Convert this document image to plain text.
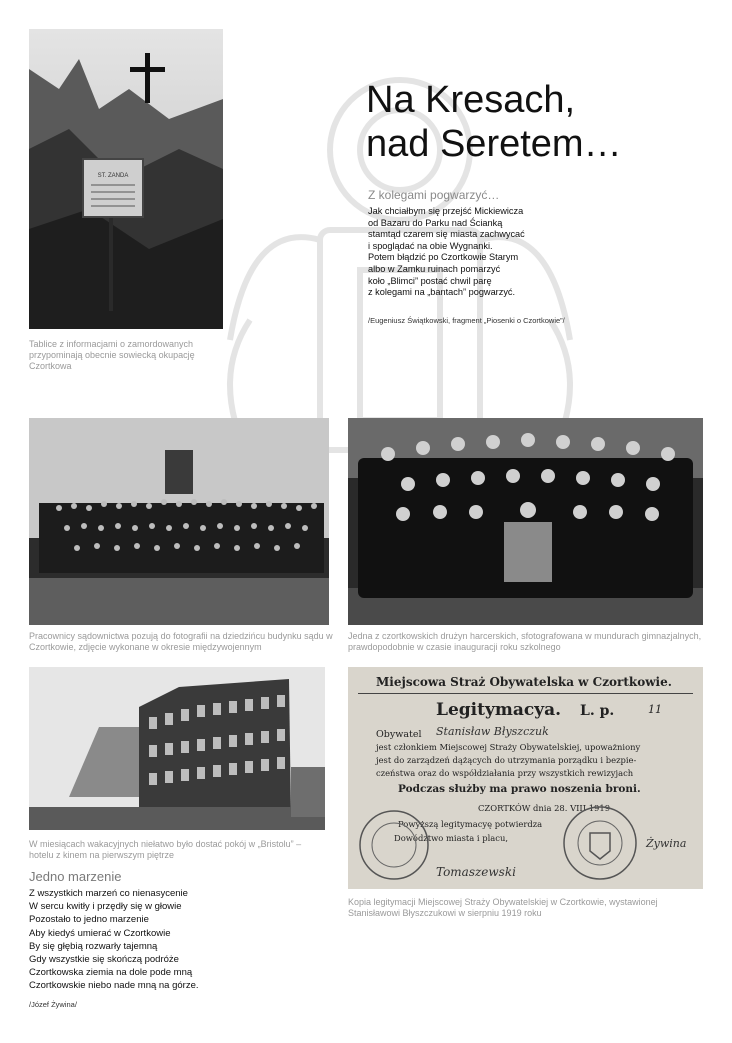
ST. ZANDA
Tablice z informacjami o zamordowanych przypominają obecnie sowiecką okupację Czortkowa
Na Kresach,
nad Seretem…
Z kolegami pogwarzyć…
Jak chciałbym się przejść Mickiewicza
od Bazaru do Parku nad Ścianką
stamtąd czarem się miasta zachwycać
i spoglądać na obie Wygnanki.
Potem błądzić po Czortkowie Starym
albo w Zamku ruinach pomarzyć
koło „Blimci” postać chwil parę
z kolegami na „bantach” pogwarzyć.
/Eugeniusz Świątkowski, fragment „Piosenki o Czortkowie”/
Pracownicy sądownictwa pozują do fotografii na dziedzińcu budynku sądu w Czortkowie, zdjęcie wykonane w okresie międzywojennym
Jedna z czortkowskich drużyn harcerskich, sfotografowana w mundurach gimnazjalnych, prawdopodobnie w czasie inauguracji roku szkolnego
W miesiącach wakacyjnych niełatwo było dostać pokój w „Bristolu” – hotelu z kinem na pierwszym piętrze
Jedno marzenie
Z wszystkich marzeń co nienasycenie
W sercu kwitły i przędły się w głowie
Pozostało to jedno marzenie
Aby kiedyś umierać w Czortkowie
By się głębią rozwarły tajemną
Gdy wszystkie się skończą podróże
Czortkowska ziemia na dole pode mną
Czortkowskie niebo nade mną na górze.
/Józef Żywina/
Miejscowa Straż Obywatelska w Czortkowie.
Legitymacya. L. p.	11
Obywatel Stanisław Błyszczuk
jest członkiem Miejscowej Straży Obywatelskiej, upoważniony
jest do zarządzeń dążących do utrzymania porządku i bezpie-
czeństwa oraz do współdziałania przy wszystkich rewizyjach
Podczas służby ma prawo noszenia broni.
CZORTKÓW dnia 28. VIII 1919
Powyższą legitymacyę potwierdza
Dowództwo miasta i placu,
Tomaszewski
Żywina
Kopia legitymacji Miejscowej Straży Obywatelskiej w Czortkowie, wystawionej Stanisławowi Błyszczukowi w sierpniu 1919 roku
